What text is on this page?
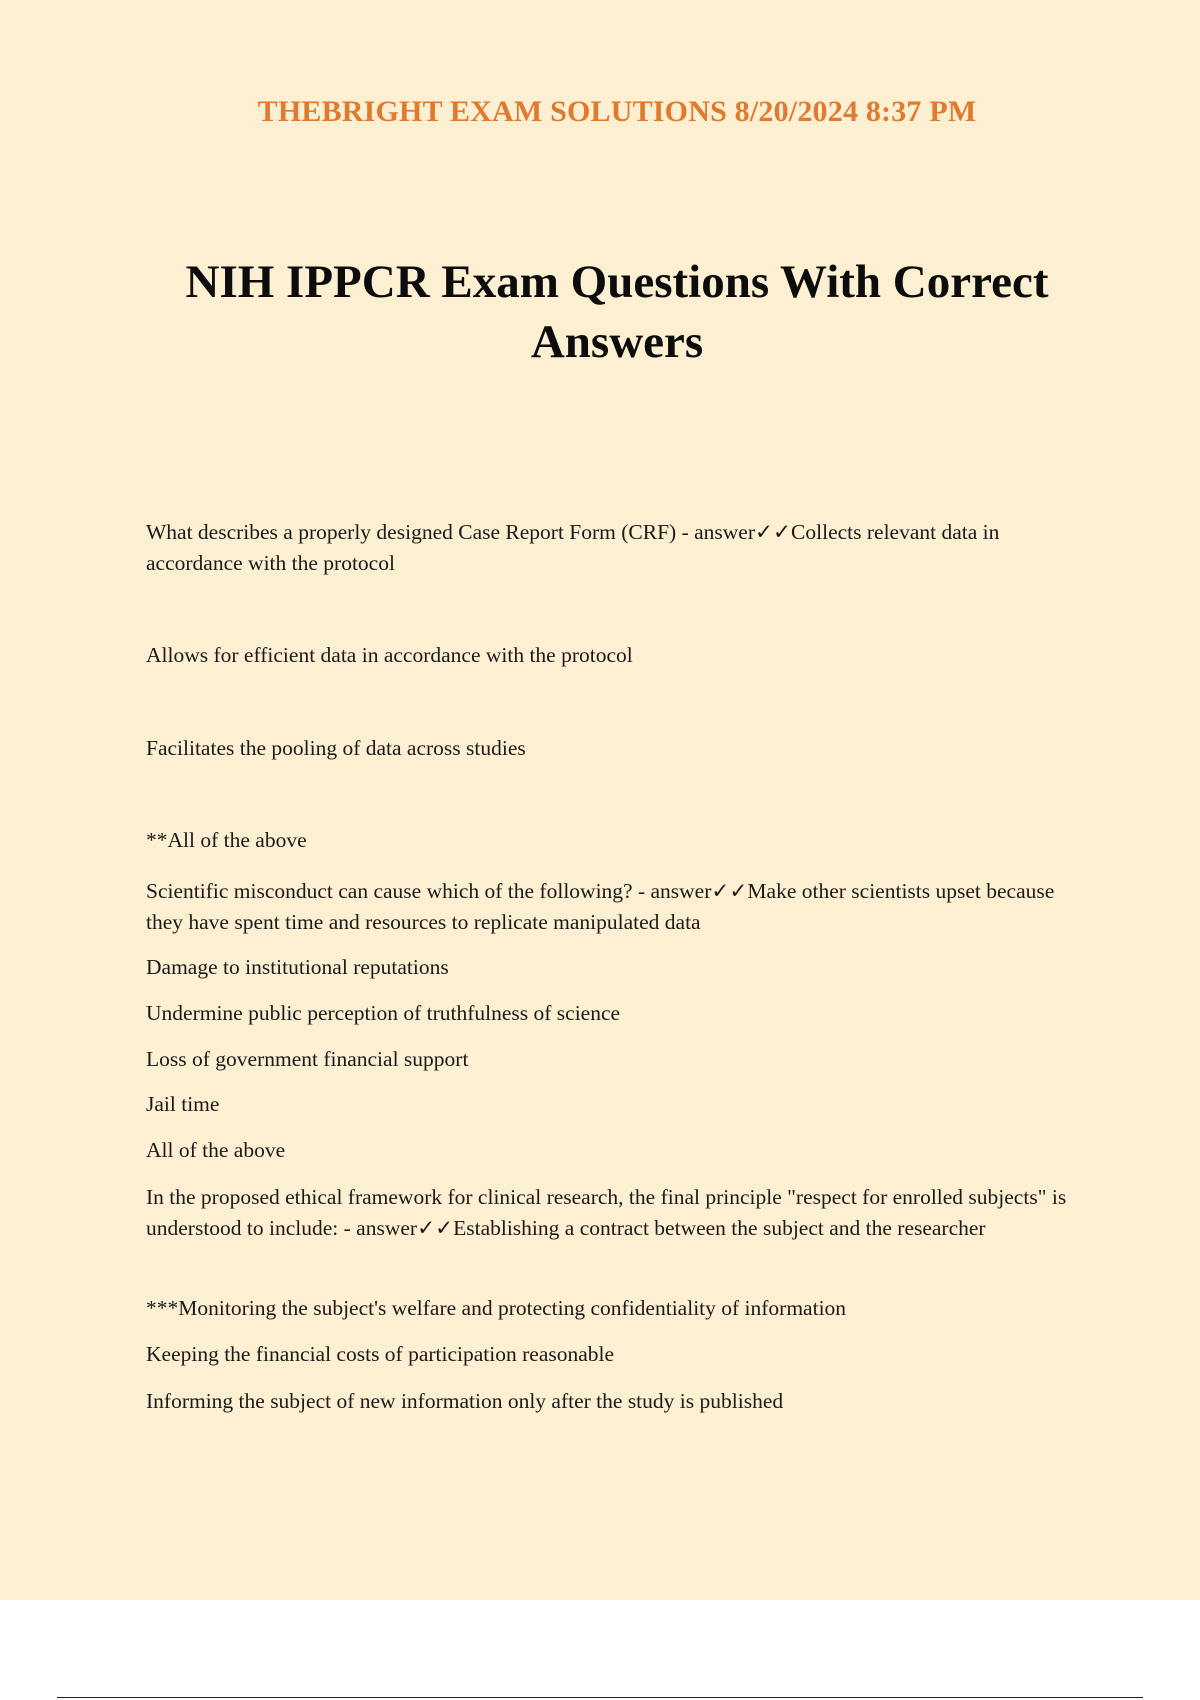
THEBRIGHT EXAM SOLUTIONS 8/20/2024 8:37 PM
NIH IPPCR Exam Questions With Correct
Answers
What describes a properly designed Case Report Form (CRF) - answer✓✓Collects relevant data in accordance with the protocol
Allows for efficient data in accordance with the protocol
Facilitates the pooling of data across studies
**All of the above
Scientific misconduct can cause which of the following? - answer✓✓Make other scientists upset because they have spent time and resources to replicate manipulated data
Damage to institutional reputations
Undermine public perception of truthfulness of science
Loss of government financial support
Jail time
All of the above
In the proposed ethical framework for clinical research, the final principle "respect for enrolled subjects" is understood to include: - answer✓✓Establishing a contract between the subject and the researcher
***Monitoring the subject's welfare and protecting confidentiality of information
Keeping the financial costs of participation reasonable
Informing the subject of new information only after the study is published
